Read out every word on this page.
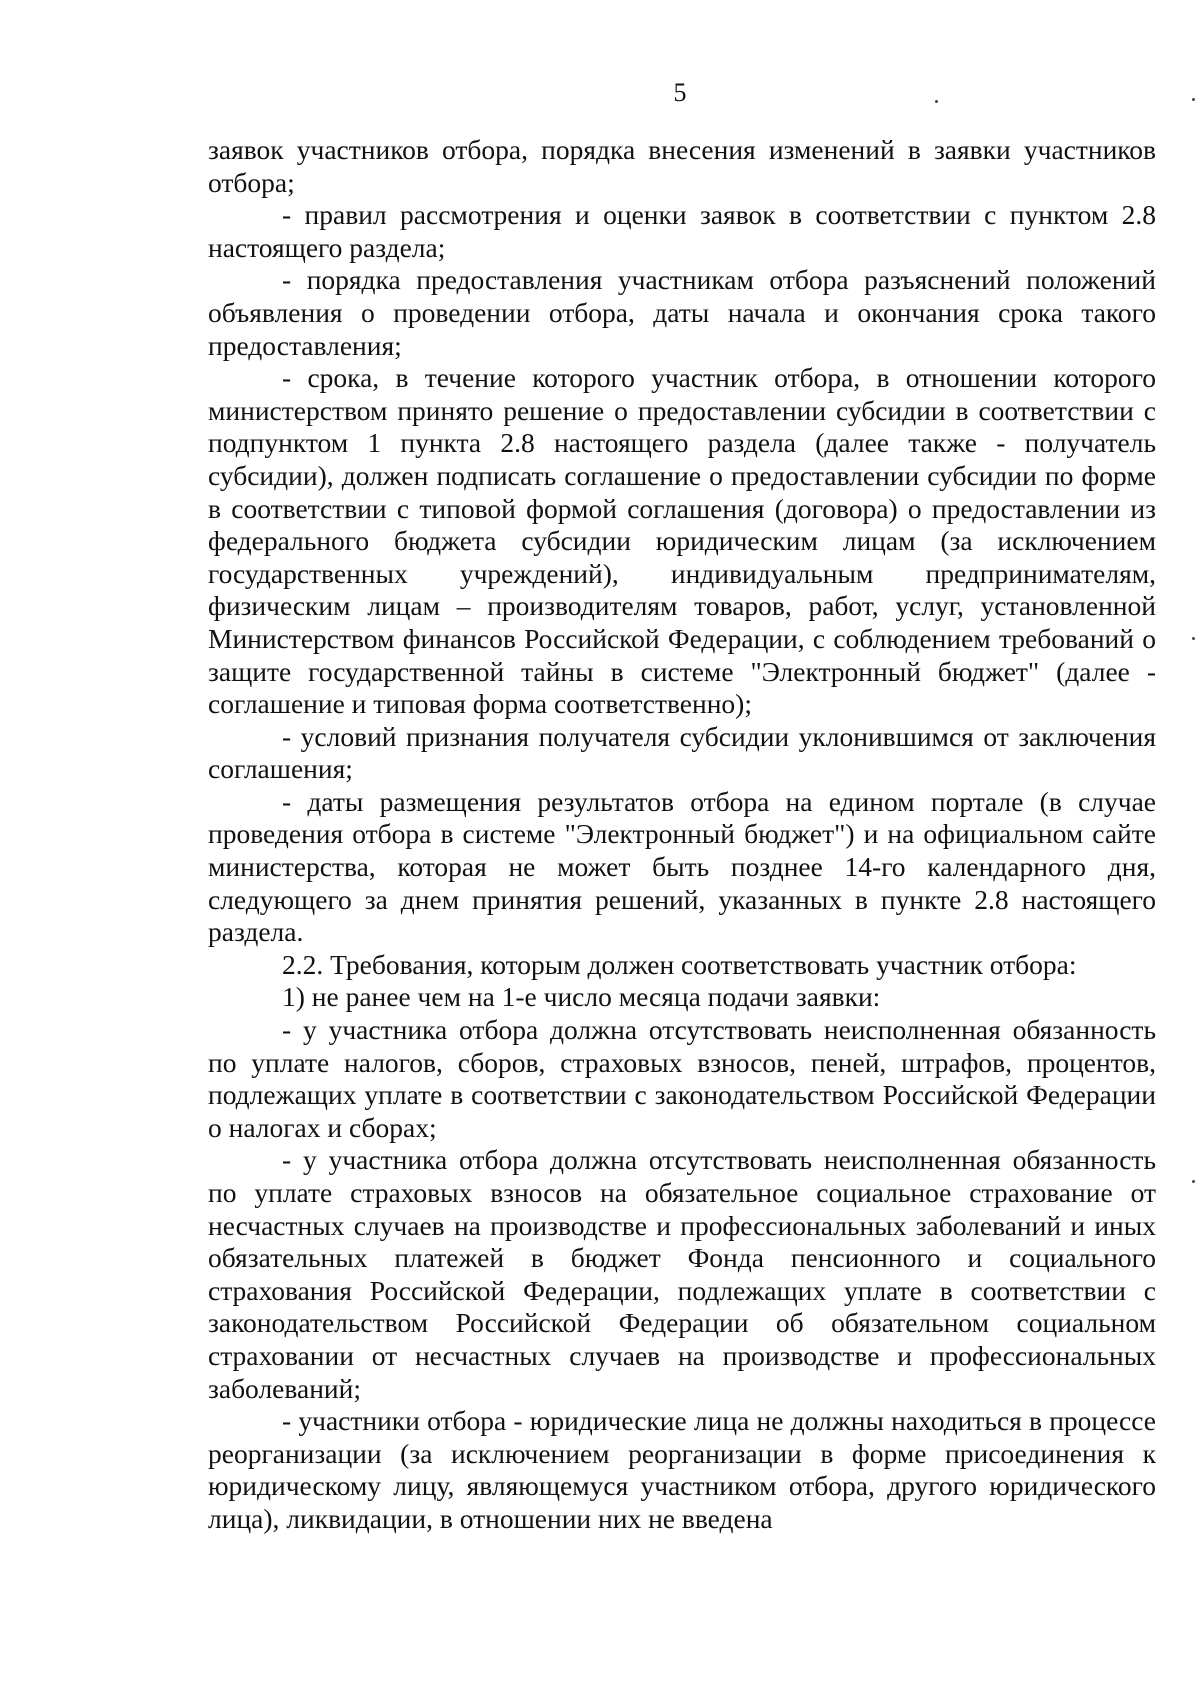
5

заявок участников отбора, порядка внесения изменений в заявки участников отбора;

- правил рассмотрения и оценки заявок в соответствии с пунктом 2.8 настоящего раздела;

- порядка предоставления участникам отбора разъяснений положений объявления о проведении отбора, даты начала и окончания срока такого предоставления;

- срока, в течение которого участник отбора, в отношении которого министерством принято решение о предоставлении субсидии в соответствии с подпунктом 1 пункта 2.8 настоящего раздела (далее также - получатель субсидии), должен подписать соглашение о предоставлении субсидии по форме в соответствии с типовой формой соглашения (договора) о предоставлении из федерального бюджета субсидии юридическим лицам (за исключением государственных учреждений), индивидуальным предпринимателям, физическим лицам – производителям товаров, работ, услуг, установленной Министерством финансов Российской Федерации, с соблюдением требований о защите государственной тайны в системе "Электронный бюджет" (далее - соглашение и типовая форма соответственно);

- условий признания получателя субсидии уклонившимся от заключения соглашения;

- даты размещения результатов отбора на едином портале (в случае проведения отбора в системе "Электронный бюджет") и на официальном сайте министерства, которая не может быть позднее 14-го календарного дня, следующего за днем принятия решений, указанных в пункте 2.8 настоящего раздела.

2.2. Требования, которым должен соответствовать участник отбора:

1) не ранее чем на 1-е число месяца подачи заявки:

- у участника отбора должна отсутствовать неисполненная обязанность по уплате налогов, сборов, страховых взносов, пеней, штрафов, процентов, подлежащих уплате в соответствии с законодательством Российской Федерации о налогах и сборах;

- у участника отбора должна отсутствовать неисполненная обязанность по уплате страховых взносов на обязательное социальное страхование от несчастных случаев на производстве и профессиональных заболеваний и иных обязательных платежей в бюджет Фонда пенсионного и социального страхования Российской Федерации, подлежащих уплате в соответствии с законодательством Российской Федерации об обязательном социальном страховании от несчастных случаев на производстве и профессиональных заболеваний;

- участники отбора - юридические лица не должны находиться в процессе реорганизации (за исключением реорганизации в форме присоединения к юридическому лицу, являющемуся участником отбора, другого юридического лица), ликвидации, в отношении них не введена
